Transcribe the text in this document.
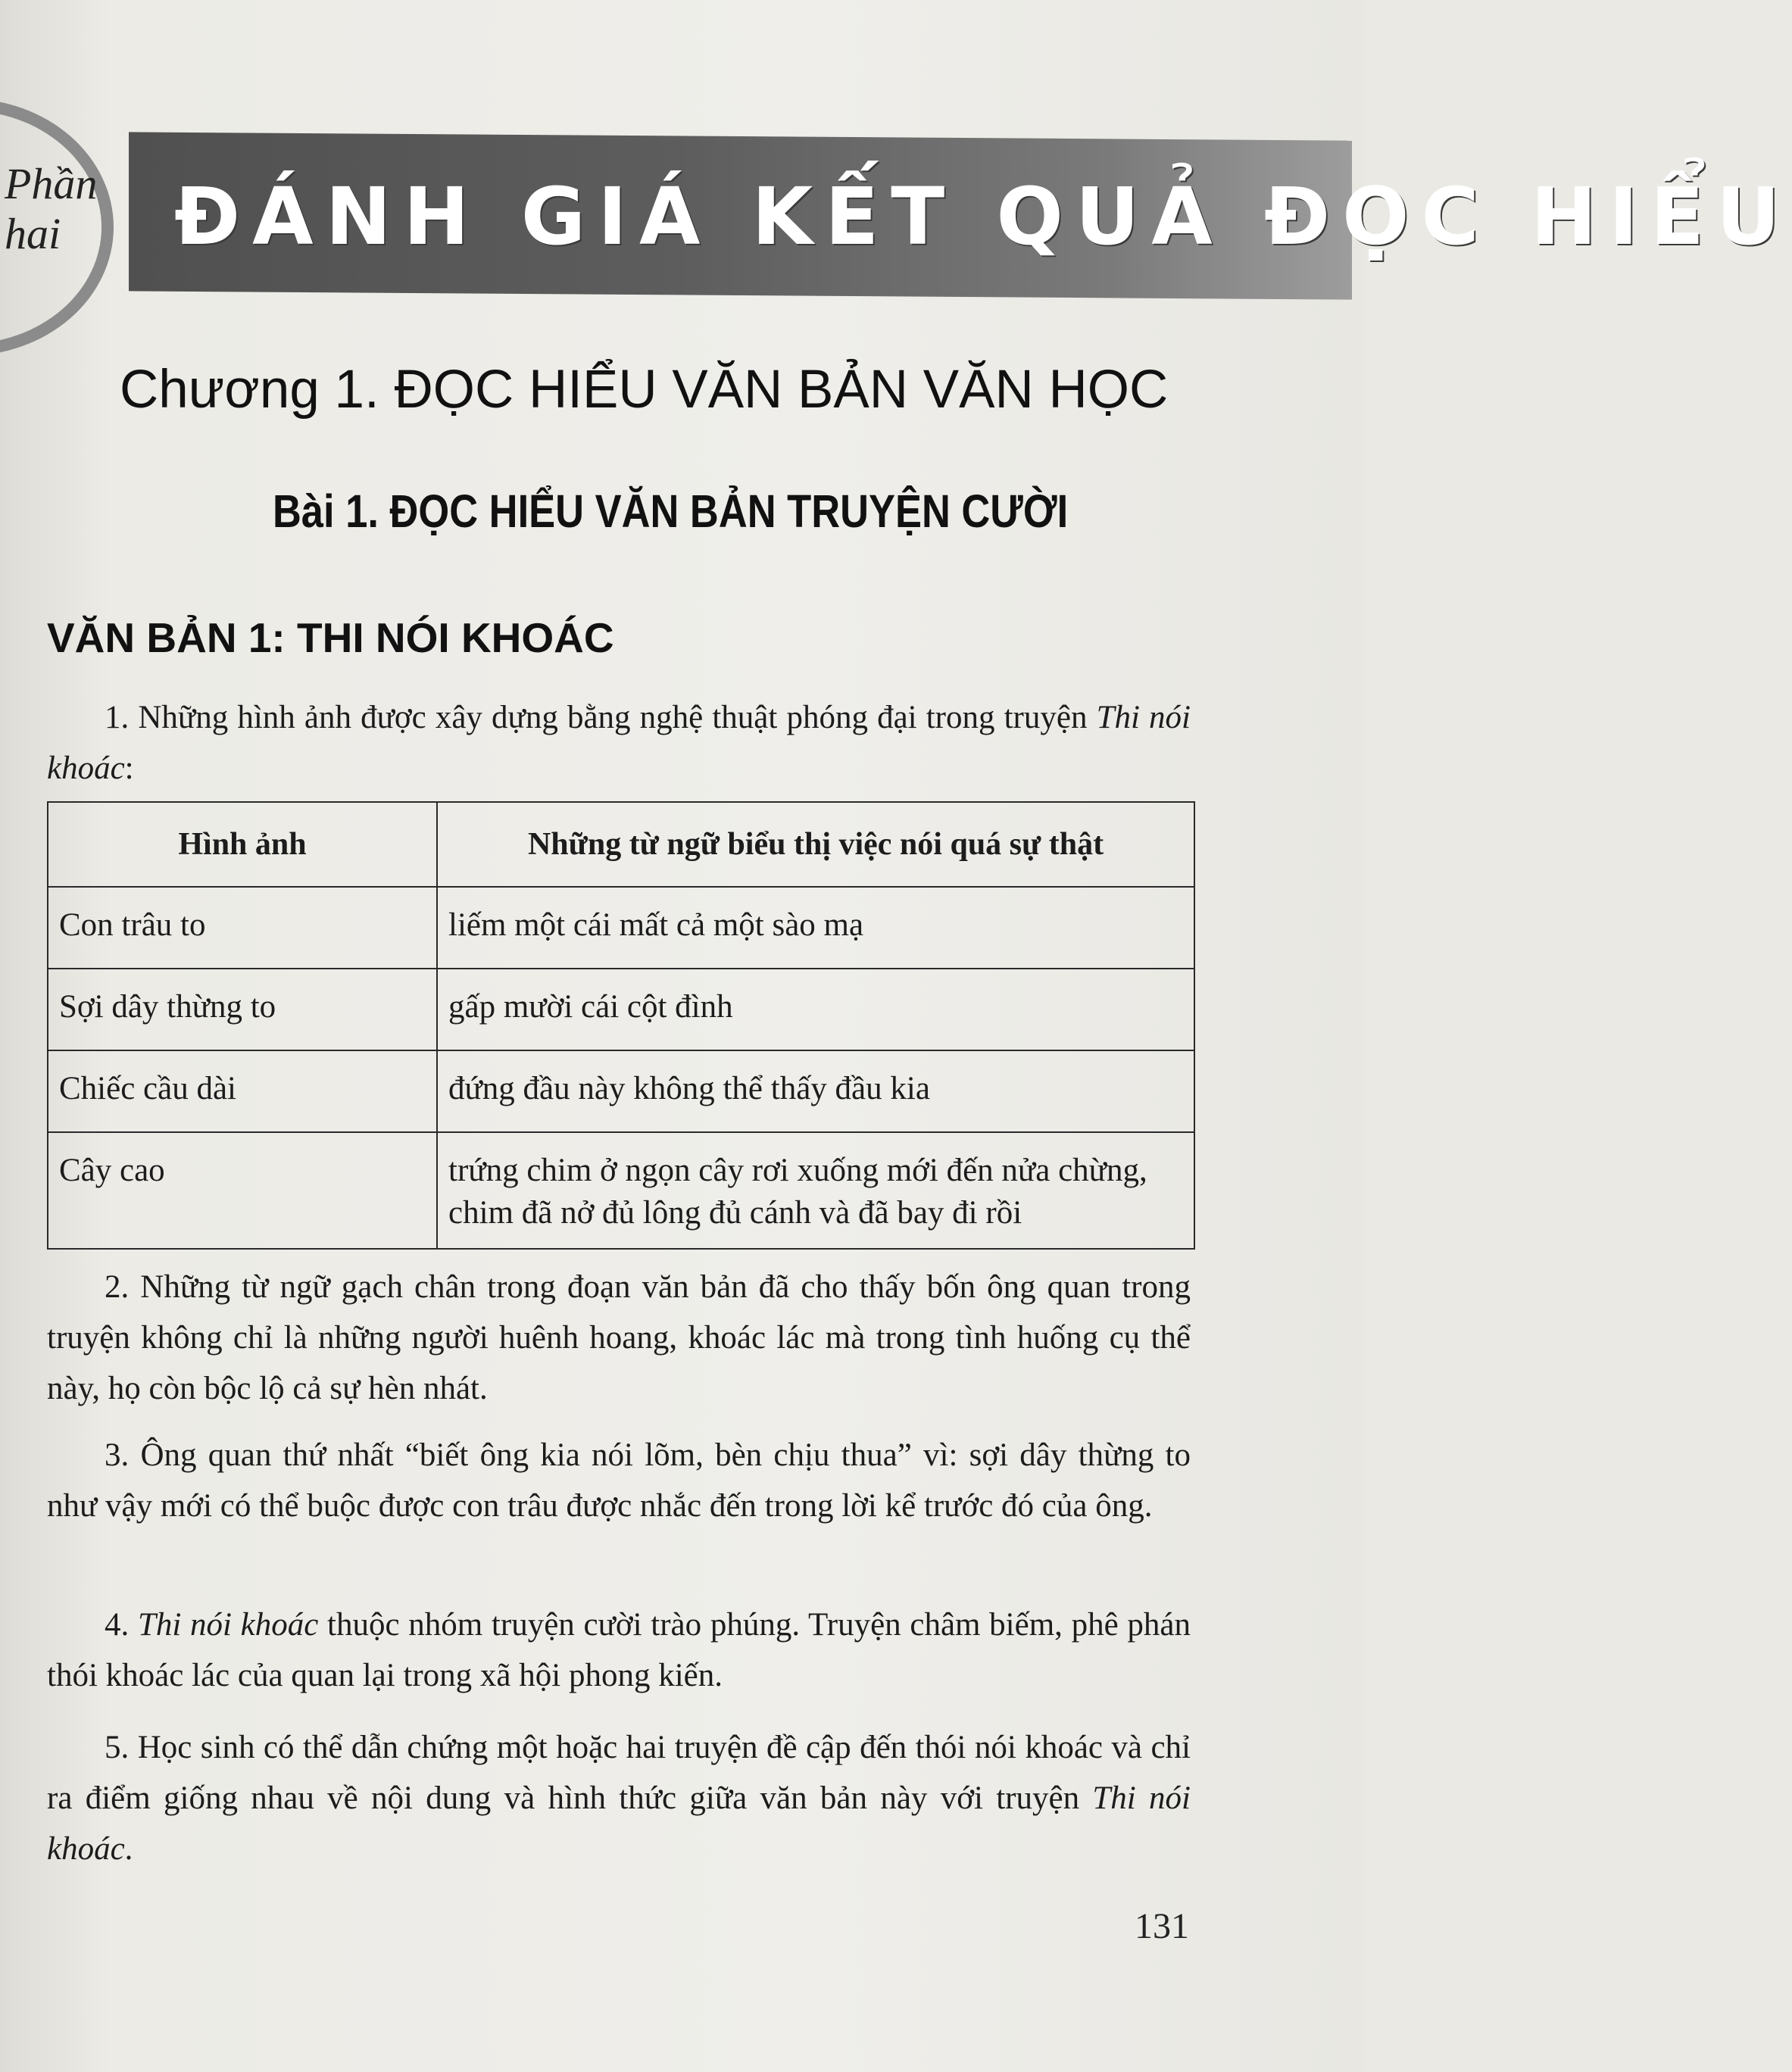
Phần
hai	ĐÁNH GIÁ KẾT QUẢ ĐỌC HIỂU
Chương 1. ĐỌC HIỂU VĂN BẢN VĂN HỌC
Bài 1. ĐỌC HIỂU VĂN BẢN TRUYỆN CƯỜI
VĂN BẢN 1: THI NÓI KHOÁC

1. Những hình ảnh được xây dựng bằng nghệ thuật phóng đại trong truyện Thi nói khoác:

Hình ảnh	Những từ ngữ biểu thị việc nói quá sự thật
Con trâu to	liếm một cái mất cả một sào mạ
Sợi dây thừng to	gấp mười cái cột đình
Chiếc cầu dài	đứng đầu này không thể thấy đầu kia
Cây cao	trứng chim ở ngọn cây rơi xuống mới đến nửa chừng, chim đã nở đủ lông đủ cánh và đã bay đi rồi

2. Những từ ngữ gạch chân trong đoạn văn bản đã cho thấy bốn ông quan trong truyện không chỉ là những người huênh hoang, khoác lác mà trong tình huống cụ thể này, họ còn bộc lộ cả sự hèn nhát.

3. Ông quan thứ nhất “biết ông kia nói lõm, bèn chịu thua” vì: sợi dây thừng to như vậy mới có thể buộc được con trâu được nhắc đến trong lời kể trước đó của ông.

4. Thi nói khoác thuộc nhóm truyện cười trào phúng. Truyện châm biếm, phê phán thói khoác lác của quan lại trong xã hội phong kiến.

5. Học sinh có thể dẫn chứng một hoặc hai truyện đề cập đến thói nói khoác và chỉ ra điểm giống nhau về nội dung và hình thức giữa văn bản này với truyện Thi nói khoác.

131
